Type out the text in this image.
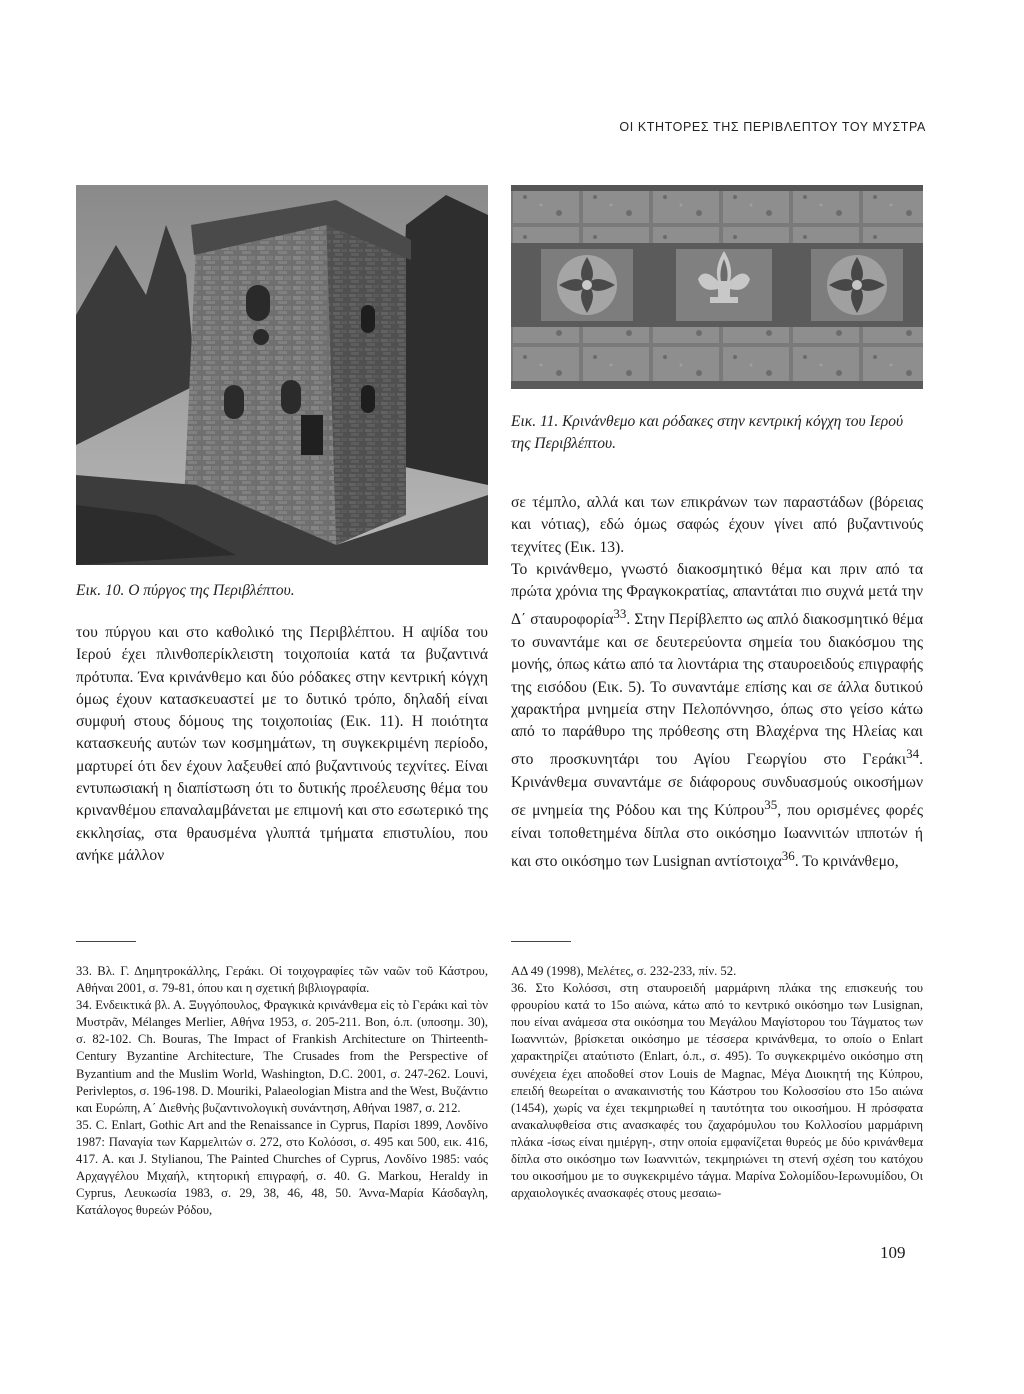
ΟΙ ΚΤΗΤΟΡΕΣ ΤΗΣ ΠΕΡΙΒΛΕΠΤΟΥ ΤΟΥ ΜΥΣΤΡΑ
Εικ. 11. Κρινάνθεμο και ρόδακες στην κεντρική κόγχη του Ιερού της Περιβλέπτου.
Εικ. 10. Ο πύργος της Περιβλέπτου.

του πύργου και στο καθολικό της Περιβλέπτου. Η αψίδα του Ιερού έχει πλινθοπερίκλειστη τοιχοποιία κατά τα βυζαντινά πρότυπα. Ένα κρινάνθεμο και δύο ρόδακες στην κεντρική κόγχη όμως έχουν κατασκευαστεί με το δυτικό τρόπο, δηλαδή είναι συμφυή στους δόμους της τοιχοποιίας (Εικ. 11). Η ποιότητα κατασκευής αυτών των κοσμημάτων, τη συγκεκριμένη περίοδο, μαρτυρεί ότι δεν έχουν λαξευθεί από βυζαντινούς τεχνίτες. Είναι εντυπωσιακή η διαπίστωση ότι το δυτικής προέλευσης θέμα του κρινανθέμου επαναλαμβάνεται με επιμονή και στο εσωτερικό της εκκλησίας, στα θραυσμένα γλυπτά τμήματα επιστυλίου, που ανήκε μάλλον

σε τέμπλο, αλλά και των επικράνων των παραστάδων (βόρειας και νότιας), εδώ όμως σαφώς έχουν γίνει από βυζαντινούς τεχνίτες (Εικ. 13).

Το κρινάνθεμο, γνωστό διακοσμητικό θέμα και πριν από τα πρώτα χρόνια της Φραγκοκρατίας, απαντάται πιο συχνά μετά την Δ΄ σταυροφορία$^{33}$. Στην Περίβλεπτο ως απλό διακοσμητικό θέμα το συναντάμε και σε δευτερεύοντα σημεία του διακόσμου της μονής, όπως κάτω από τα λιοντάρια της σταυροειδούς επιγραφής της εισόδου (Εικ. 5). Το συναντάμε επίσης και σε άλλα δυτικού χαρακτήρα μνημεία στην Πελοπόννησο, όπως στο γείσο κάτω από το παράθυρο της πρόθεσης στη Βλαχέρνα της Ηλείας και στο προσκυνητάρι του Αγίου Γεωργίου στο Γεράκι$^{34}$. Κρινάνθεμα συναντάμε σε διάφορους συνδυασμούς οικοσήμων σε μνημεία της Ρόδου και της Κύπρου$^{35}$, που ορισμένες φορές είναι τοποθετημένα δίπλα στο οικόσημο Ιωαννιτών ιπποτών ή και στο οικόσημο των Lusignan αντίστοιχα$^{36}$. Το κρινάνθεμο,

33. Βλ. Γ. Δημητροκάλλης, Γεράκι. Οἱ τοιχογραφίες τῶν ναῶν τοῦ Κάστρου, Αθήναι 2001, σ. 79-81, όπου και η σχετική βιβλιογραφία.

34. Ενδεικτικά βλ. Α. Ξυγγόπουλος, Φραγκικὰ κρινάνθεμα εἰς τὸ Γεράκι καὶ τὸν Μυστρᾶν, Mélanges Merlier, Αθήνα 1953, σ. 205-211. Bon, ό.π. (υποσημ. 30), σ. 82-102. Ch. Bouras, The Impact of Frankish Architecture on Thirteenth-Century Byzantine Architecture, The Crusades from the Perspective of Byzantium and the Muslim World, Washington, D.C. 2001, σ. 247-262. Louvi, Perivleptos, σ. 196-198. D. Mouriki, Palaeologian Mistra and the West, Βυζάντιο και Ευρώπη, Α΄ Διεθνὴς βυζαντινολογικὴ συνάντηση, Αθήναι 1987, σ. 212.

35. C. Enlart, Gothic Art and the Renaissance in Cyprus, Παρίσι 1899, Λονδίνο 1987: Παναγία των Καρμελιτών σ. 272, στο Κολόσσι, σ. 495 και 500, εικ. 416, 417. Α. και J. Stylianou, The Painted Churches of Cyprus, Λονδίνο 1985: ναός Αρχαγγέλου Μιχαήλ, κτητορική επιγραφή, σ. 40. G. Markou, Heraldy in Cyprus, Λευκωσία 1983, σ. 29, 38, 46, 48, 50. Άννα-Μαρία Κάσδαγλη, Κατάλογος θυρεών Ρόδου,

ΑΔ 49 (1998), Μελέτες, σ. 232-233, πίν. 52.

36. Στο Κολόσσι, στη σταυροειδή μαρμάρινη πλάκα της επισκευής του φρουρίου κατά το 15ο αιώνα, κάτω από το κεντρικό οικόσημο των Lusignan, που είναι ανάμεσα στα οικόσημα του Μεγάλου Μαγίστορου του Τάγματος των Ιωαννιτών, βρίσκεται οικόσημο με τέσσερα κρινάνθεμα, το οποίο ο Enlart χαρακτηρίζει αταύτιστο (Enlart, ό.π., σ. 495). Το συγκεκριμένο οικόσημο στη συνέχεια έχει αποδοθεί στον Louis de Magnac, Μέγα Διοικητή της Κύπρου, επειδή θεωρείται ο ανακαινιστής του Κάστρου του Κολοσσίου στο 15ο αιώνα (1454), χωρίς να έχει τεκμηριωθεί η ταυτότητα του οικοσήμου. Η πρόσφατα ανακαλυφθείσα στις ανασκαφές του ζαχαρόμυλου του Κολλοσίου μαρμάρινη πλάκα -ίσως είναι ημιέργη-, στην οποία εμφανίζεται θυρεός με δύο κρινάνθεμα δίπλα στο οικόσημο των Ιωαννιτών, τεκμηριώνει τη στενή σχέση του κατόχου του οικοσήμου με το συγκεκριμένο τάγμα. Μαρίνα Σολομίδου-Ιερωνυμίδου, Οι αρχαιολογικές ανασκαφές στους μεσαιω-

109
